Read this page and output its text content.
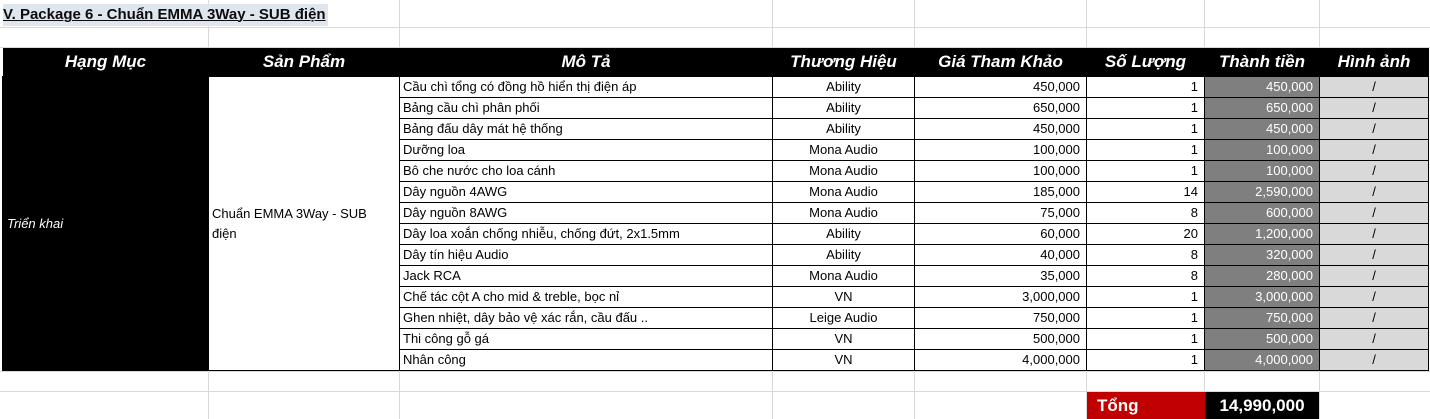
V. Package 6 - Chuẩn EMMA 3Way - SUB điện
Hạng Mục	Sản Phẩm	Mô Tả	Thương Hiệu	Giá Tham Khảo	Số Lượng	Thành tiền	Hình ảnh
Triển khai	Chuẩn EMMA 3Way - SUB điện	Cầu chì tổng có đồng hồ hiển thị điện áp	Ability	450,000	1	450,000	/
		Bảng cầu chì phân phối	Ability	650,000	1	650,000	/
		Bảng đấu dây mát hệ thống	Ability	450,000	1	450,000	/
		Dưỡng loa	Mona Audio	100,000	1	100,000	/
		Bô che nước cho loa cánh	Mona Audio	100,000	1	100,000	/
		Dây nguồn 4AWG	Mona Audio	185,000	14	2,590,000	/
		Dây nguồn 8AWG	Mona Audio	75,000	8	600,000	/
		Dây loa xoắn chống nhiễu, chống đứt, 2x1.5mm	Ability	60,000	20	1,200,000	/
		Dây tín hiệu Audio	Ability	40,000	8	320,000	/
		Jack RCA	Mona Audio	35,000	8	280,000	/
		Chế tác cột A cho mid & treble, bọc nỉ	VN	3,000,000	1	3,000,000	/
		Ghen nhiệt, dây bảo vệ xác rắn, cầu đấu ..	Leige Audio	750,000	1	750,000	/
		Thi công gỗ gá	VN	500,000	1	500,000	/
		Nhân công	VN	4,000,000	1	4,000,000	/
Tổng	14,990,000
